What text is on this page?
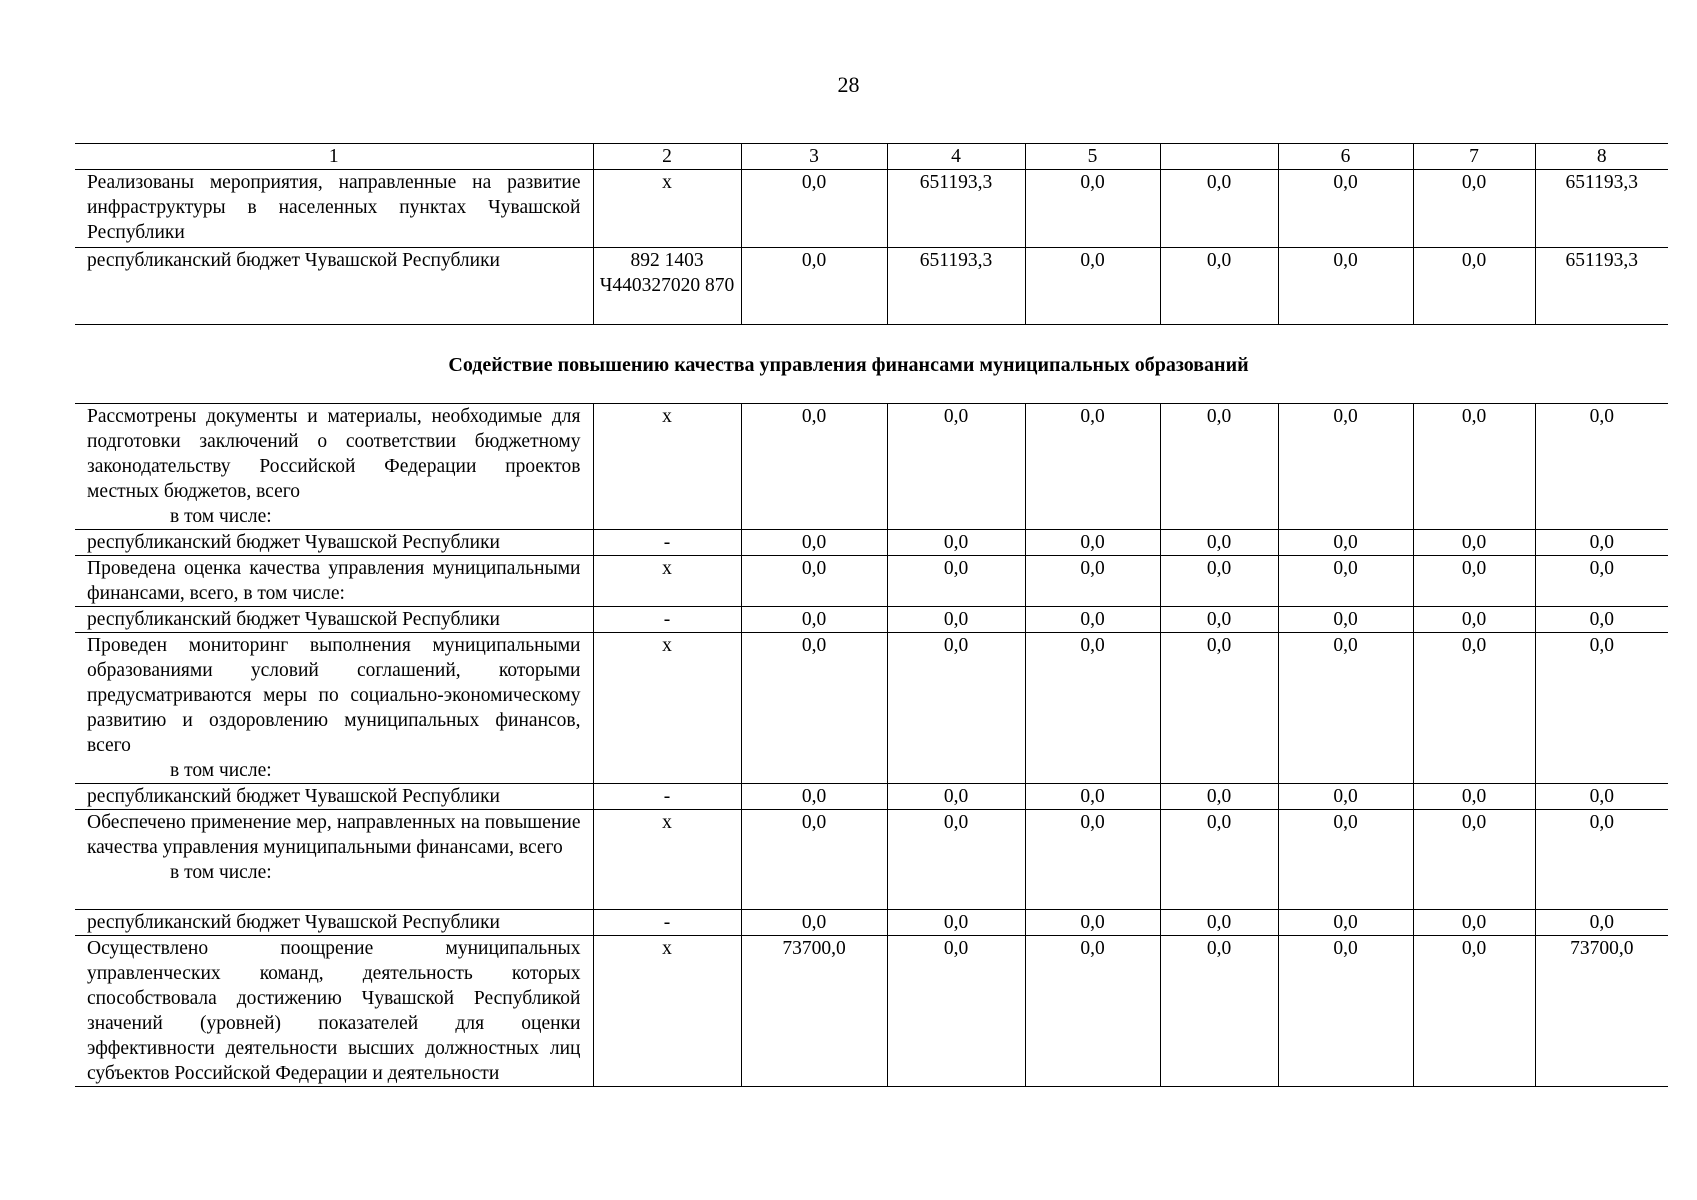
28
1	2	3	4	5		6	7	8
Реализованы мероприятия, направленные на развитие инфраструктуры в населенных пунктах Чувашской Республики	х	0,0	651193,3	0,0	0,0	0,0	0,0	651193,3
республиканский бюджет Чувашской Республики	892 1403 Ч440327020 870	0,0	651193,3	0,0	0,0	0,0	0,0	651193,3
Содействие повышению качества управления финансами муниципальных образований
Рассмотрены документы и материалы, необходимые для подготовки заключений о соответствии бюджетному законодательству Российской Федерации проектов местных бюджетов, всего
в том числе:	х	0,0	0,0	0,0	0,0	0,0	0,0	0,0
республиканский бюджет Чувашской Республики	-	0,0	0,0	0,0	0,0	0,0	0,0	0,0
Проведена оценка качества управления муниципальными финансами, всего, в том числе:	х	0,0	0,0	0,0	0,0	0,0	0,0	0,0
республиканский бюджет Чувашской Республики	-	0,0	0,0	0,0	0,0	0,0	0,0	0,0
Проведен мониторинг выполнения муниципальными образованиями условий соглашений, которыми предусматриваются меры по социально-экономическому развитию и оздоровлению муниципальных финансов, всего
в том числе:	х	0,0	0,0	0,0	0,0	0,0	0,0	0,0
республиканский бюджет Чувашской Республики	-	0,0	0,0	0,0	0,0	0,0	0,0	0,0
Обеспечено применение мер, направленных на повышение качества управления муниципальными финансами, всего
в том числе:	х	0,0	0,0	0,0	0,0	0,0	0,0	0,0
республиканский бюджет Чувашской Республики	-	0,0	0,0	0,0	0,0	0,0	0,0	0,0
Осуществлено поощрение муниципальных управленческих команд, деятельность которых способствовала достижению Чувашской Республикой значений (уровней) показателей для оценки эффективности деятельности высших должностных лиц субъектов Российской Федерации и деятельности	х	73700,0	0,0	0,0	0,0	0,0	0,0	73700,0
